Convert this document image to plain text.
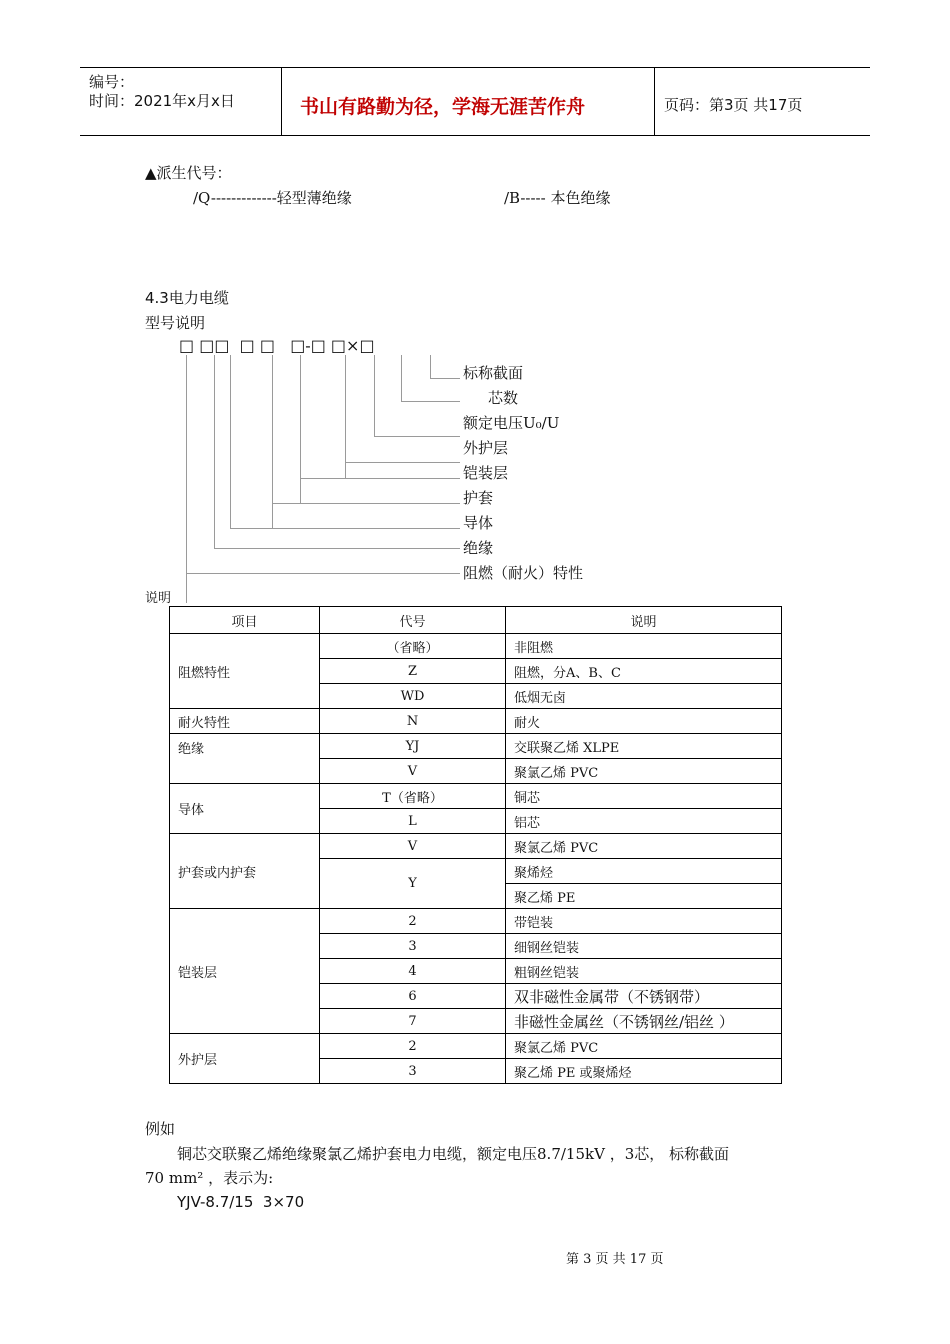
编号：
时间：2021年x月x日	书山有路勤为径，学海无涯苦作舟	页码：第3页 共17页
▲派生代号：
/Q-------------轻型薄绝缘	/B----- 本色绝缘
4.3电力电缆
型号说明
□ □□  □ □   □-□ □×□
标称截面
芯数
额定电压U₀/U
外护层
铠装层
护套
导体
绝缘
阻燃（耐火）特性
说明
项目	代号	说明
阻燃特性	（省略）	非阻燃
	Z	阻燃，分A、B、C
	WD	低烟无卤
耐火特性	N	耐火
绝缘	YJ	交联聚乙烯 XLPE
	V	聚氯乙烯 PVC
导体	T（省略）	铜芯
	L	铝芯
护套或内护套	V	聚氯乙烯 PVC
	Y	聚烯烃
		聚乙烯 PE
铠装层	2	带铠装
	3	细钢丝铠装
	4	粗钢丝铠装
	6	双非磁性金属带（不锈钢带）
	7	非磁性金属丝（不锈钢丝/铝丝 ）
外护层	2	聚氯乙烯 PVC
	3	聚乙烯 PE 或聚烯烃
例如
铜芯交联聚乙烯绝缘聚氯乙烯护套电力电缆，额定电压8.7/15kV ，3芯， 标称截面
70 mm² ，表示为:
YJV-8.7/15  3×70
第 3 页 共 17 页
